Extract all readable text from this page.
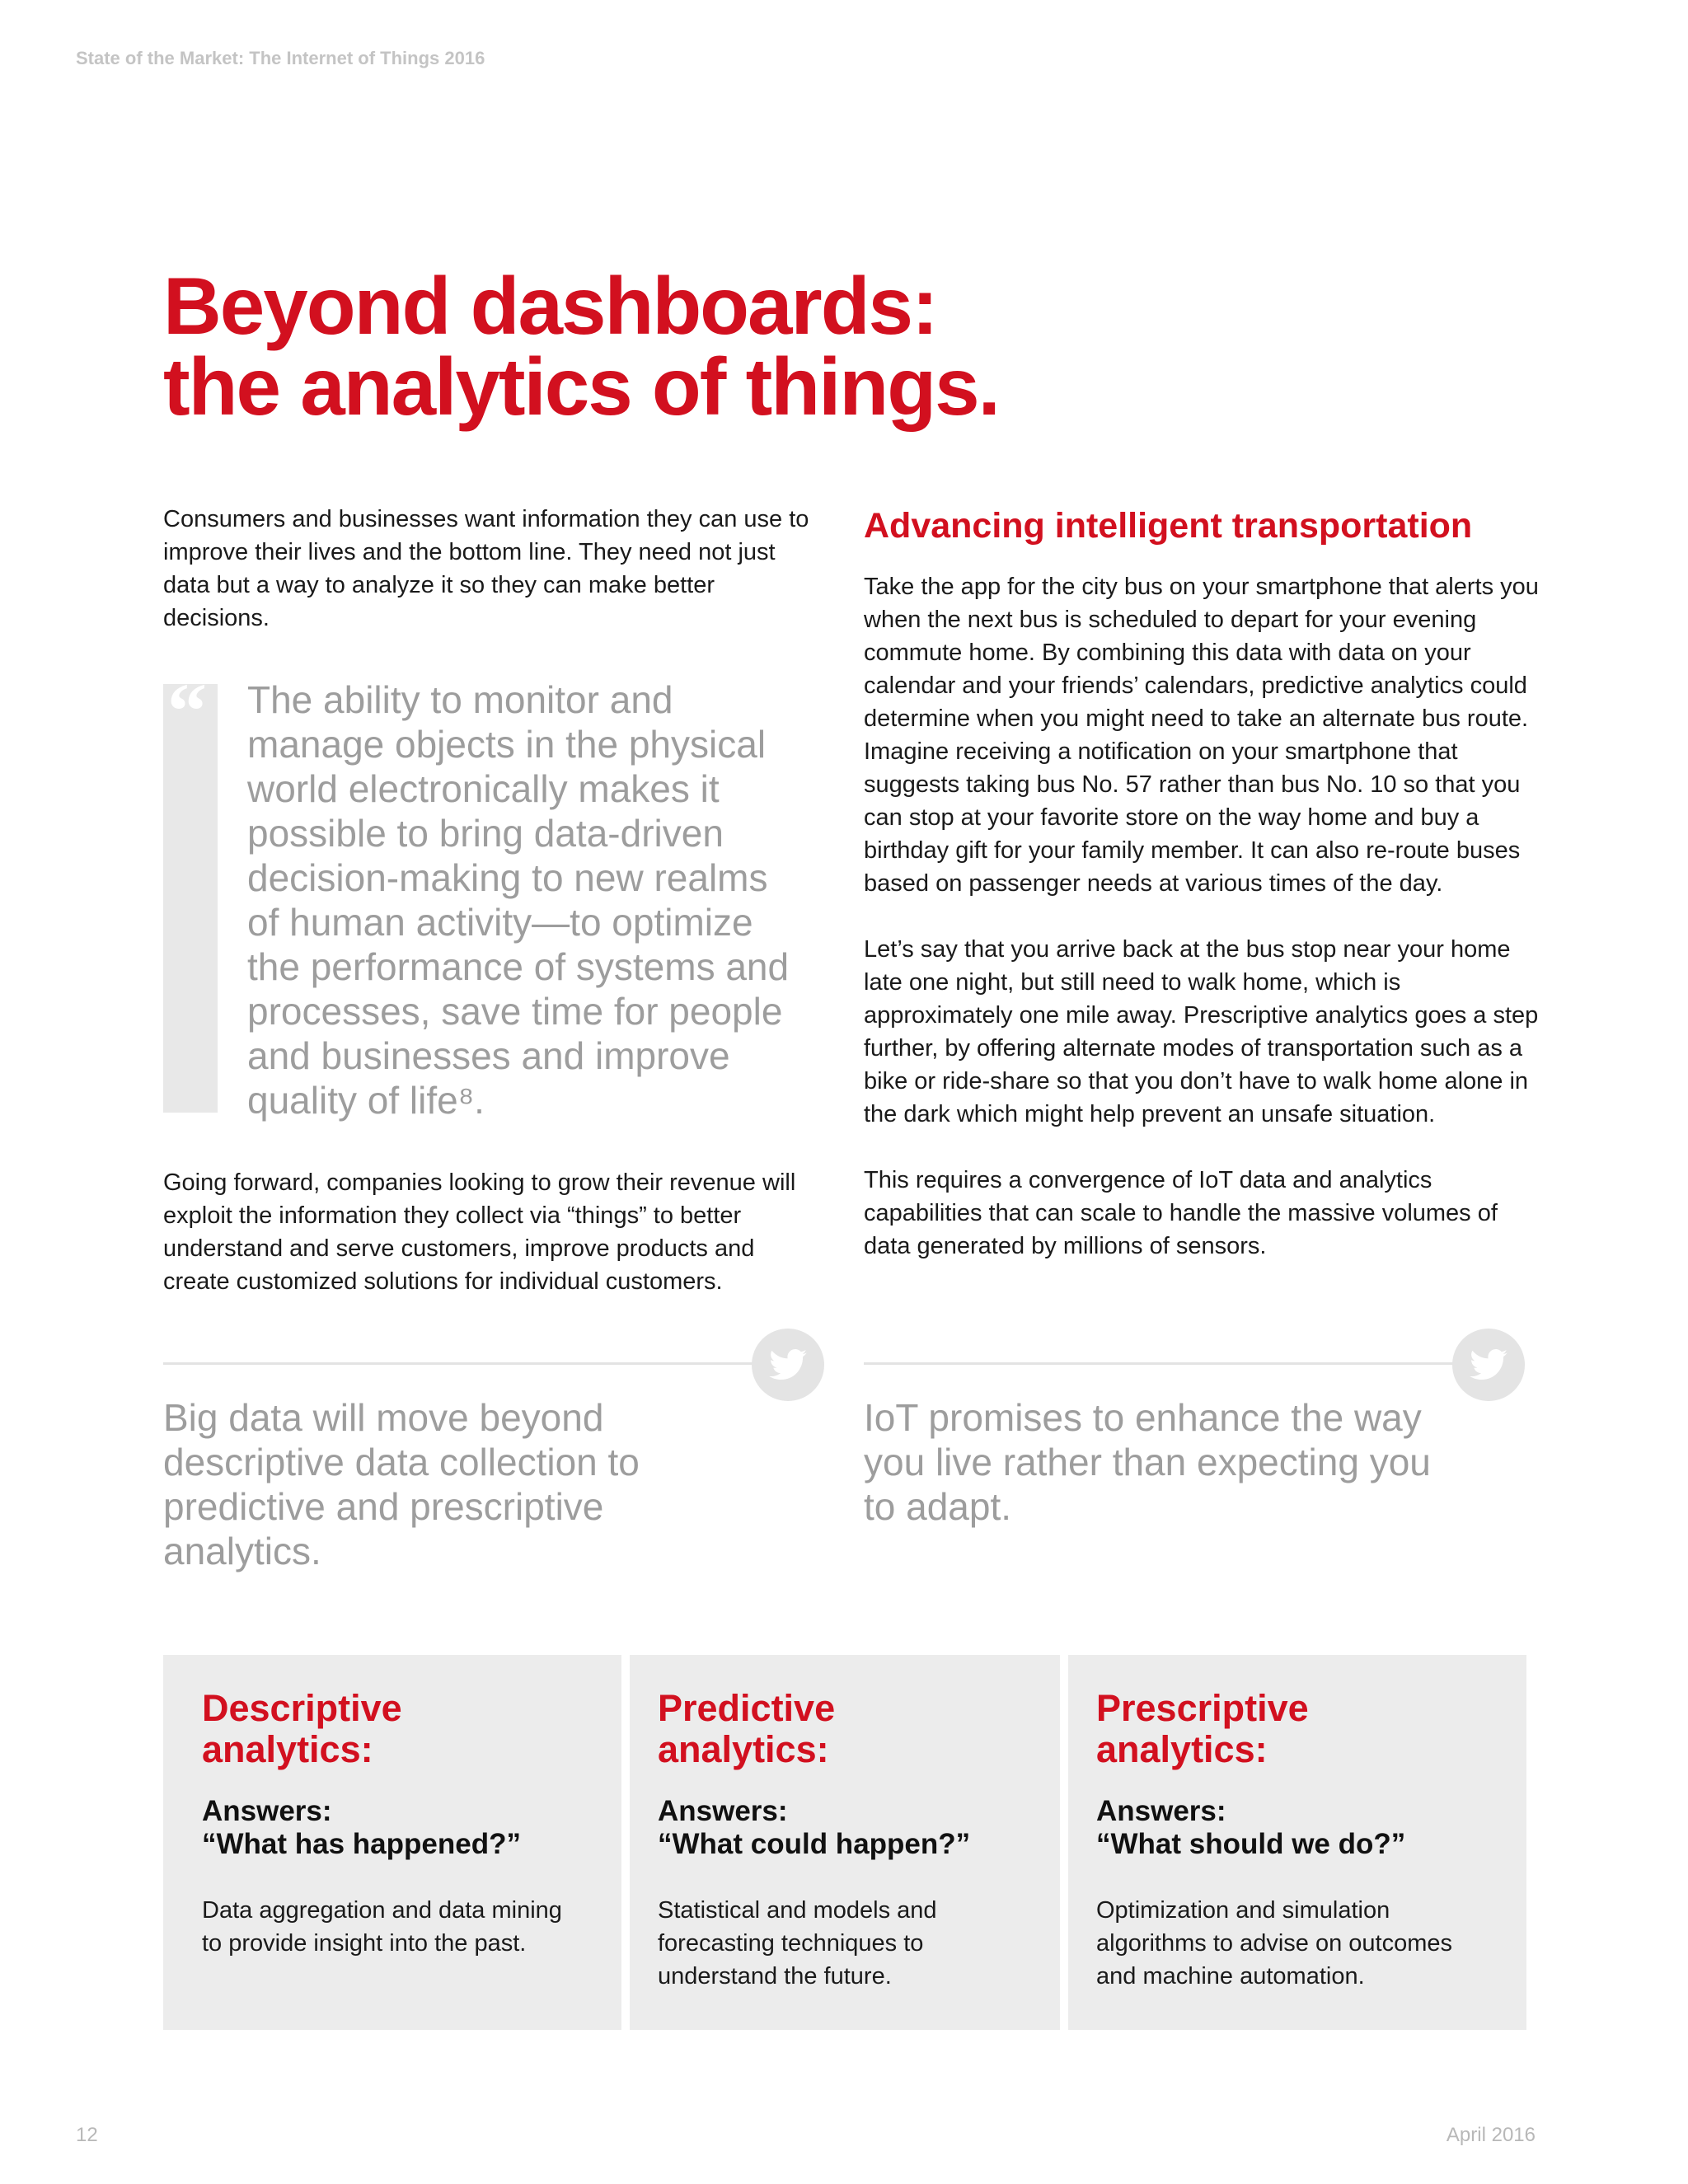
State of the Market: The Internet of Things 2016
Beyond dashboards:
the analytics of things.

Consumers and businesses want information they can use to improve their lives and the bottom line. They need not just data but a way to analyze it so they can make better decisions.

“ The ability to monitor and manage objects in the physical world electronically makes it possible to bring data-driven decision-making to new realms of human activity—to optimize the performance of systems and processes, save time for people and businesses and improve quality of life⁸.

Going forward, companies looking to grow their revenue will exploit the information they collect via “things” to better understand and serve customers, improve products and create customized solutions for individual customers.

Big data will move beyond descriptive data collection to predictive and prescriptive analytics.

Advancing intelligent transportation

Take the app for the city bus on your smartphone that alerts you when the next bus is scheduled to depart for your evening commute home. By combining this data with data on your calendar and your friends’ calendars, predictive analytics could determine when you might need to take an alternate bus route. Imagine receiving a notification on your smartphone that suggests taking bus No. 57 rather than bus No. 10 so that you can stop at your favorite store on the way home and buy a birthday gift for your family member. It can also re-route buses based on passenger needs at various times of the day.

Let’s say that you arrive back at the bus stop near your home late one night, but still need to walk home, which is approximately one mile away. Prescriptive analytics goes a step further, by offering alternate modes of transportation such as a bike or ride-share so that you don’t have to walk home alone in the dark which might help prevent an unsafe situation.

This requires a convergence of IoT data and analytics capabilities that can scale to handle the massive volumes of data generated by millions of sensors.

IoT promises to enhance the way you live rather than expecting you to adapt.

Descriptive
analytics:

Answers:
“What has happened?”

Data aggregation and data mining to provide insight into the past.

Predictive
analytics:

Answers:
“What could happen?”

Statistical and models and forecasting techniques to understand the future.

Prescriptive
analytics:

Answers:
“What should we do?”

Optimization and simulation algorithms to advise on outcomes and machine automation.

12	April 2016
